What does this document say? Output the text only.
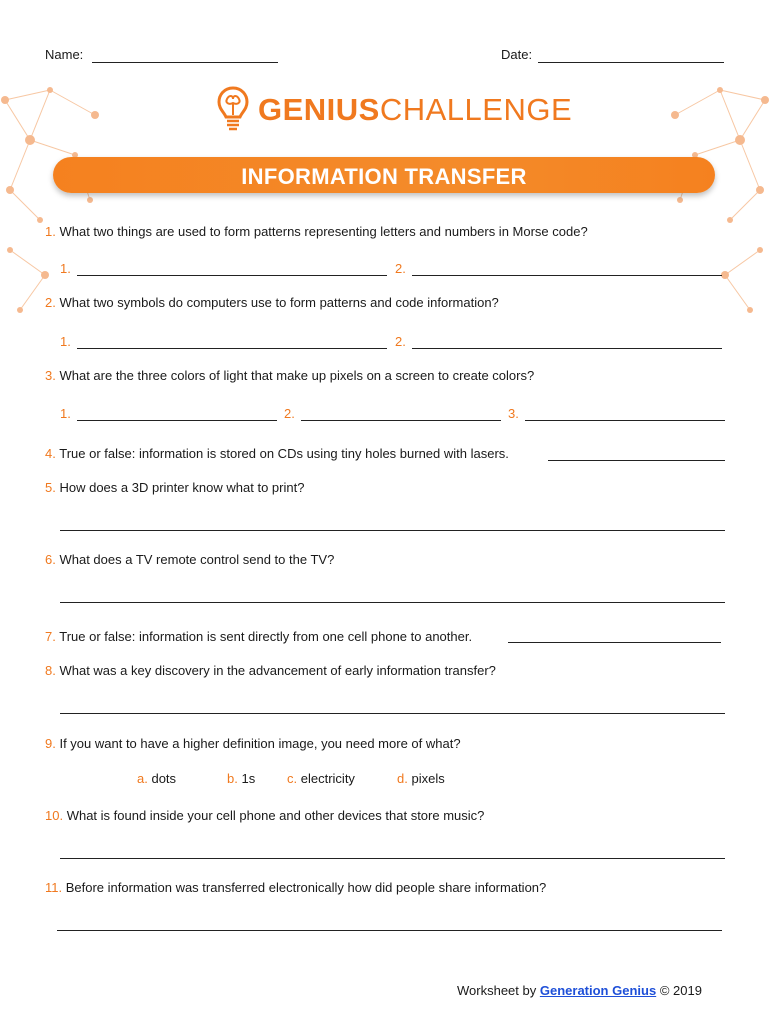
Name:	Date:
GENIUSCHALLENGE
INFORMATION TRANSFER
1. What two things are used to form patterns representing letters and numbers in Morse code?
1.	2.
2. What two symbols do computers use to form patterns and code information?
1.	2.
3. What are the three colors of light that make up pixels on a screen to create colors?
1.	2.	3.
4. True or false: information is stored on CDs using tiny holes burned with lasers.
5. How does a 3D printer know what to print?
6. What does a TV remote control send to the TV?
7. True or false: information is sent directly from one cell phone to another.
8. What was a key discovery in the advancement of early information transfer?
9. If you want to have a higher definition image, you need more of what?
a. dots	b. 1s c. electricity	d. pixels
10. What is found inside your cell phone and other devices that store music?
11. Before information was transferred electronically how did people share information?
Worksheet by Generation Genius © 2019
